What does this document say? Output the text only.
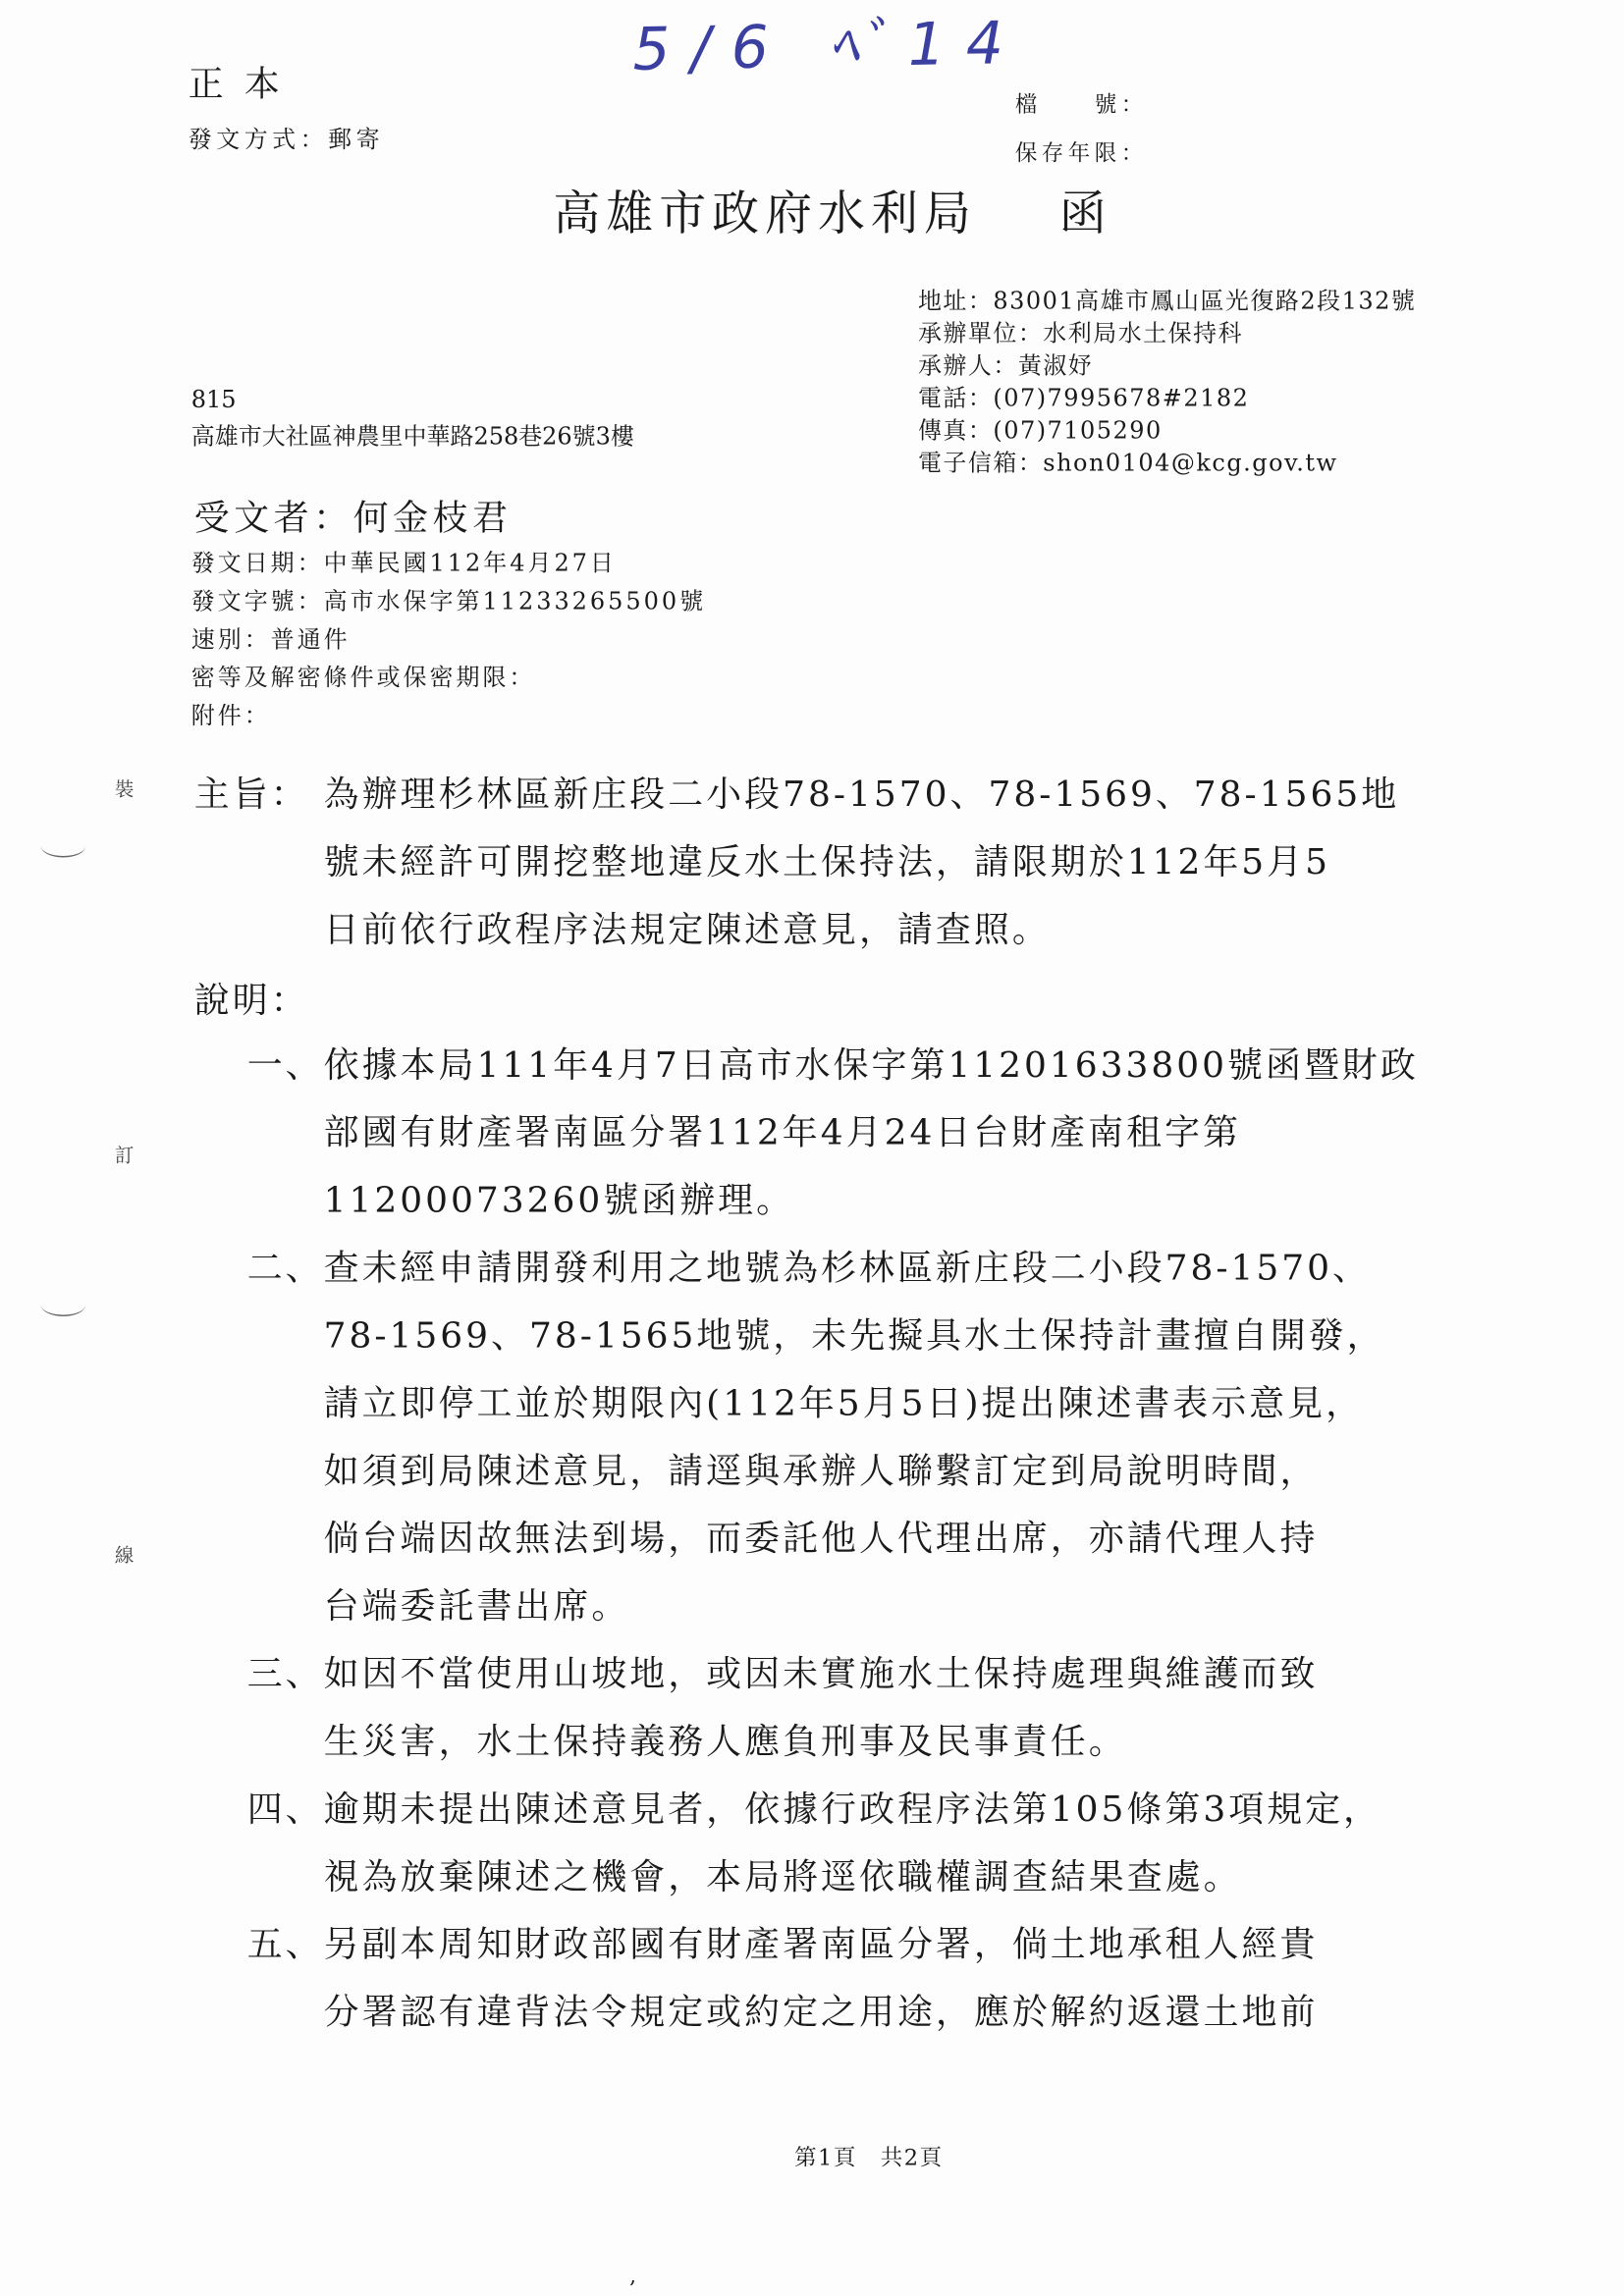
5/6 ﾍﾞ14
正本
發文方式：郵寄
檔　　號：
保存年限：
高雄市政府水利局	函
地址：83001高雄市鳳山區光復路2段132號
承辦單位：水利局水土保持科
承辦人：黃淑妤
電話：(07)7995678#2182
傳真：(07)7105290
電子信箱：shon0104@kcg.gov.tw
815
高雄市大社區神農里中華路258巷26號3樓
受文者：何金枝君
發文日期：中華民國112年4月27日
發文字號：高市水保字第11233265500號
速別：普通件
密等及解密條件或保密期限：
附件：
裝
訂
線
主旨： 為辦理杉林區新庄段二小段78-1570、78-1569、78-1565地
號未經許可開挖整地違反水土保持法，請限期於112年5月5
日前依行政程序法規定陳述意見，請查照。
說明：
一、 依據本局111年4月7日高市水保字第11201633800號函暨財政
部國有財產署南區分署112年4月24日台財產南租字第
11200073260號函辦理。
二、 查未經申請開發利用之地號為杉林區新庄段二小段78-1570、
78-1569、78-1565地號，未先擬具水土保持計畫擅自開發，
請立即停工並於期限內(112年5月5日)提出陳述書表示意見，
如須到局陳述意見，請逕與承辦人聯繫訂定到局說明時間，
倘台端因故無法到場，而委託他人代理出席，亦請代理人持
台端委託書出席。
三、 如因不當使用山坡地，或因未實施水土保持處理與維護而致
生災害，水土保持義務人應負刑事及民事責任。
四、 逾期未提出陳述意見者，依據行政程序法第105條第3項規定，
視為放棄陳述之機會，本局將逕依職權調查結果查處。
五、 另副本周知財政部國有財產署南區分署，倘土地承租人經貴
分署認有違背法令規定或約定之用途，應於解約返還土地前
第1頁　共2頁
,
